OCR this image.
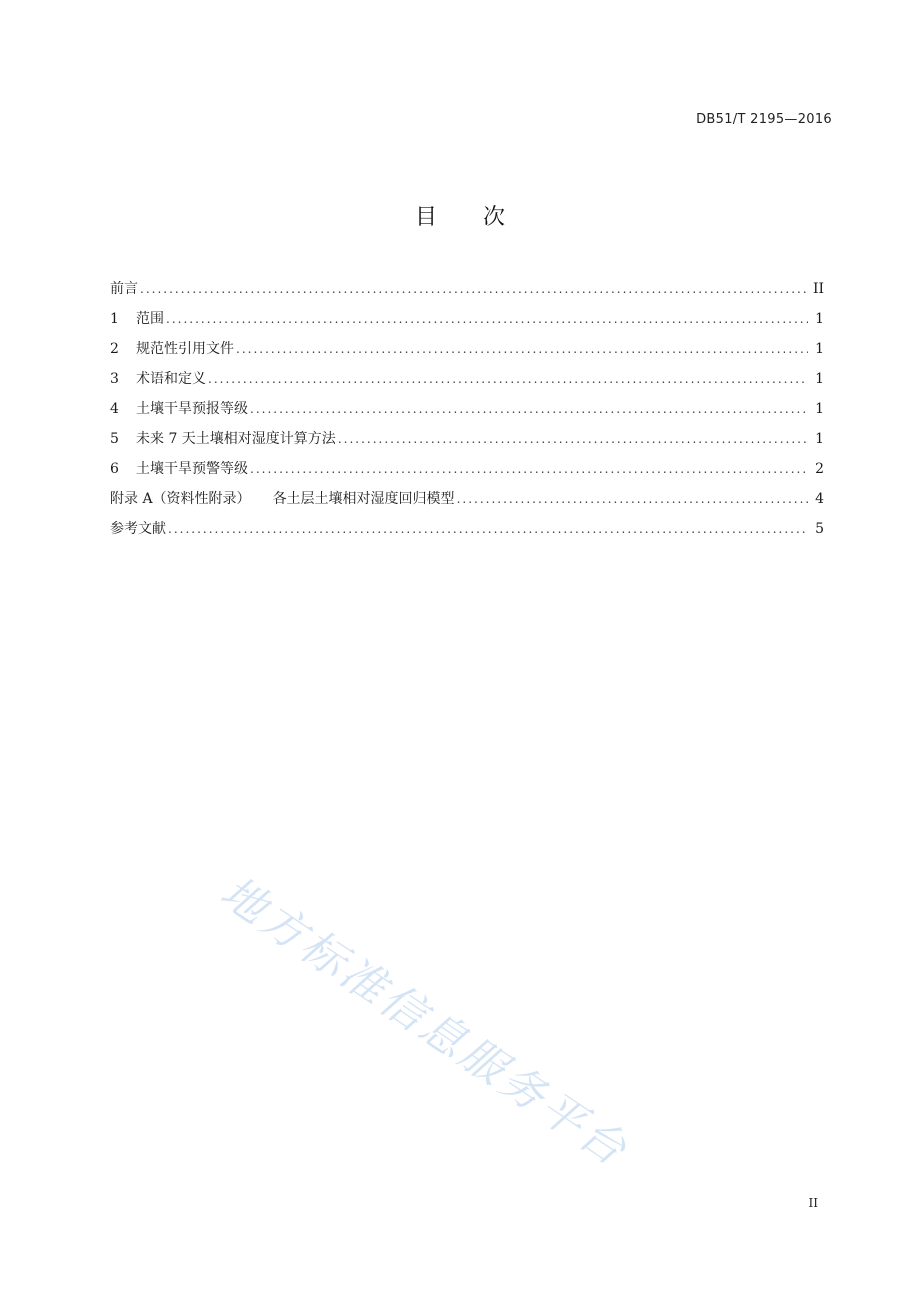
DB51/T 2195—2016
目 次
前言 .....	II
1	范围 .....	1
2	规范性引用文件 .....	1
3	术语和定义 .....	1
4	土壤干旱预报等级 .....	1
5	未来 7 天土壤相对湿度计算方法 .....	1
6	土壤干旱预警等级 .....	2
附录 A（资料性附录） 各土层土壤相对湿度回归模型 .....	4
参考文献 .....	5
地方标准信息服务平台
II
